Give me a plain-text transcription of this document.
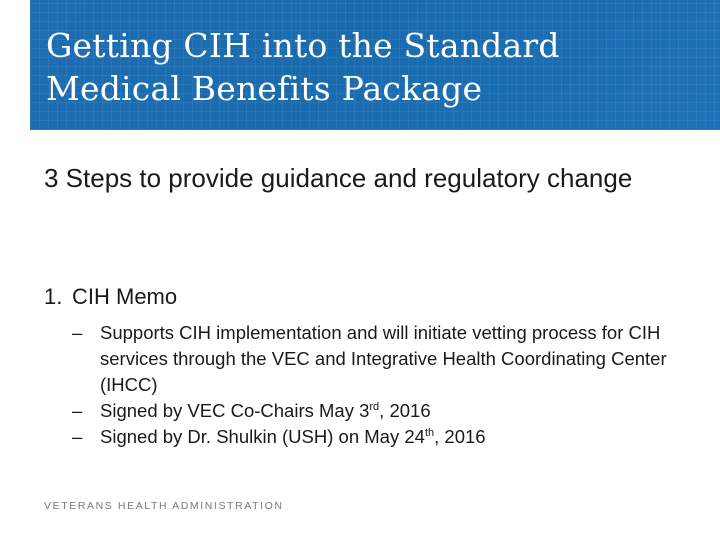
Getting CIH into the Standard Medical Benefits Package

3 Steps to provide guidance and regulatory change

1. CIH Memo
– Supports CIH implementation and will initiate vetting process for CIH services through the VEC and Integrative Health Coordinating Center (IHCC)
– Signed by VEC Co-Chairs May 3rd, 2016
– Signed by Dr. Shulkin (USH) on May 24th, 2016
VETERANS HEALTH ADMINISTRATION
